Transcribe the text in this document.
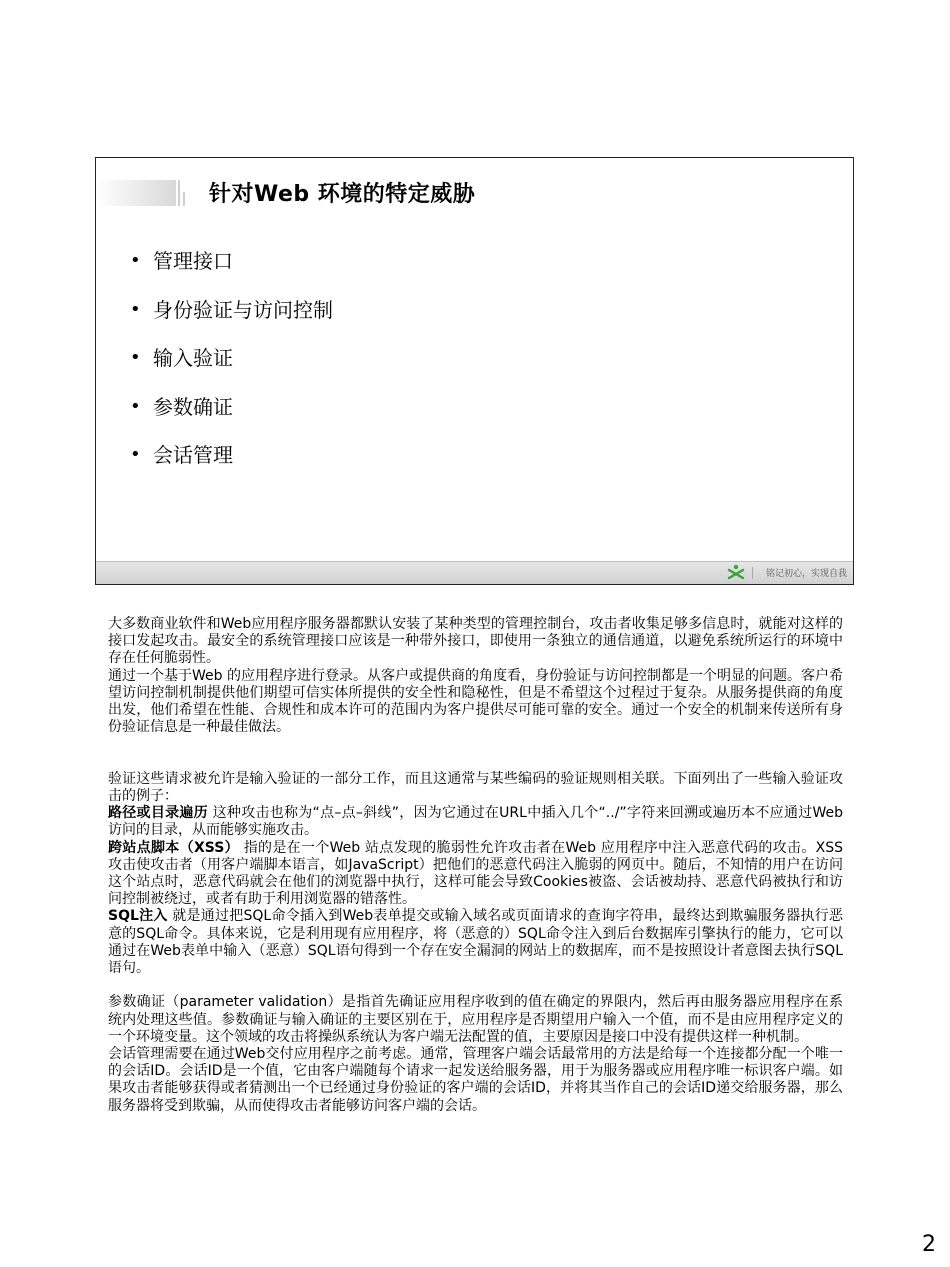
针对Web 环境的特定威胁
• 管理接口
• 身份验证与访问控制
• 输入验证
• 参数确证
• 会话管理
铭记初心，实现自我

大多数商业软件和Web应用程序服务器都默认安装了某种类型的管理控制台，攻击者收集足够多信息时，就能对这样的接口发起攻击。最安全的系统管理接口应该是一种带外接口，即使用一条独立的通信通道，以避免系统所运行的环境中存在任何脆弱性。

通过一个基于Web 的应用程序进行登录。从客户或提供商的角度看，身份验证与访问控制都是一个明显的问题。客户希望访问控制机制提供他们期望可信实体所提供的安全性和隐秘性，但是不希望这个过程过于复杂。从服务提供商的角度出发，他们希望在性能、合规性和成本许可的范围内为客户提供尽可能可靠的安全。通过一个安全的机制来传送所有身份验证信息是一种最佳做法。

验证这些请求被允许是输入验证的一部分工作，而且这通常与某些编码的验证规则相关联。下面列出了一些输入验证攻击的例子：

路径或目录遍历 这种攻击也称为“点–点–斜线”，因为它通过在URL中插入几个“../”字符来回溯或遍历本不应通过Web访问的目录，从而能够实施攻击。

跨站点脚本（XSS） 指的是在一个Web 站点发现的脆弱性允许攻击者在Web 应用程序中注入恶意代码的攻击。XSS 攻击使攻击者（用客户端脚本语言，如JavaScript）把他们的恶意代码注入脆弱的网页中。随后，不知情的用户在访问这个站点时，恶意代码就会在他们的浏览器中执行，这样可能会导致Cookies被盗、会话被劫持、恶意代码被执行和访问控制被绕过，或者有助于利用浏览器的错落性。

SQL注入 就是通过把SQL命令插入到Web表单提交或输入域名或页面请求的查询字符串，最终达到欺骗服务器执行恶意的SQL命令。具体来说，它是利用现有应用程序，将（恶意的）SQL命令注入到后台数据库引擎执行的能力，它可以通过在Web表单中输入（恶意）SQL语句得到一个存在安全漏洞的网站上的数据库，而不是按照设计者意图去执行SQL语句。

参数确证（parameter validation）是指首先确证应用程序收到的值在确定的界限内，然后再由服务器应用程序在系统内处理这些值。参数确证与输入确证的主要区别在于，应用程序是否期望用户输入一个值，而不是由应用程序定义的一个环境变量。这个领域的攻击将操纵系统认为客户端无法配置的值，主要原因是接口中没有提供这样一种机制。

会话管理需要在通过Web交付应用程序之前考虑。通常，管理客户端会话最常用的方法是给每一个连接都分配一个唯一的会话ID。会话ID是一个值，它由客户端随每个请求一起发送给服务器，用于为服务器或应用程序唯一标识客户端。如果攻击者能够获得或者猜测出一个已经通过身份验证的客户端的会话ID，并将其当作自己的会话ID递交给服务器，那么服务器将受到欺骗，从而使得攻击者能够访问客户端的会话。

2
